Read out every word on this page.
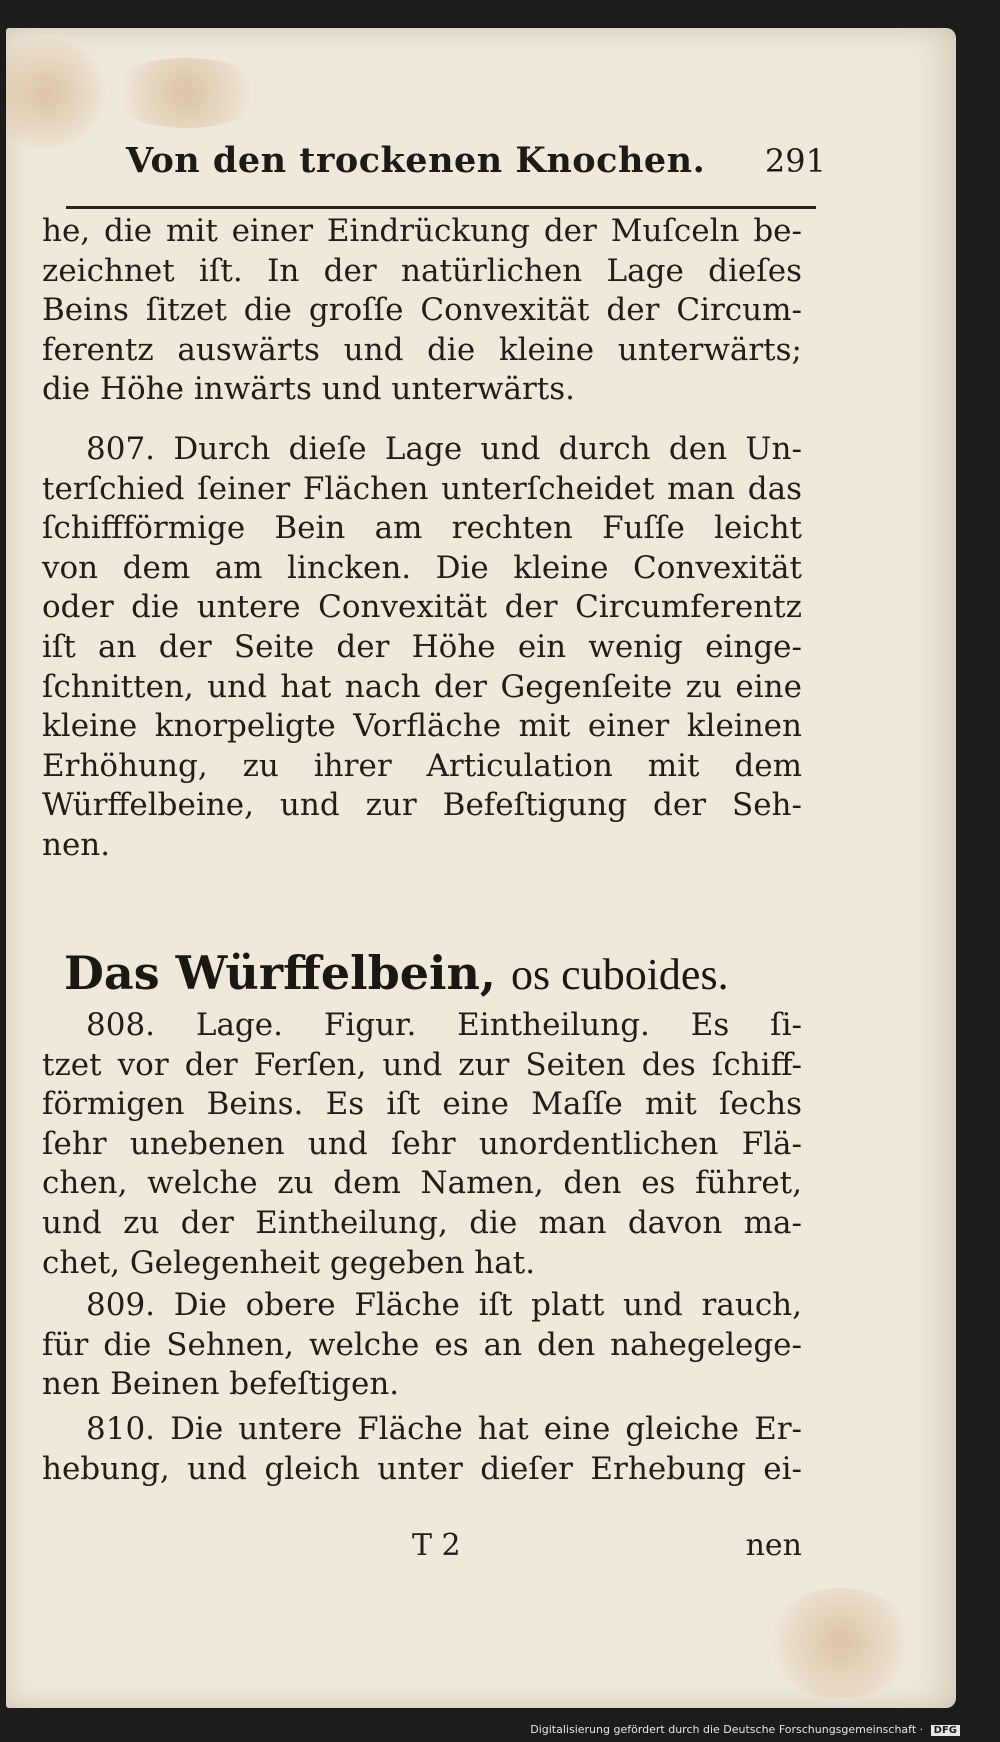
Von den trockenen Knochen. 291
he, die mit einer Eindrückung der Muſceln be-
zeichnet iſt. In der natürlichen Lage dieſes
Beins ſitzet die groſſe Convexität der Circum-
ferentz auswärts und die kleine unterwärts;
die Höhe inwärts und unterwärts.
807. Durch dieſe Lage und durch den Un-
terſchied ſeiner Flächen unterſcheidet man das
ſchiffförmige Bein am rechten Fuſſe leicht
von dem am lincken. Die kleine Convexität
oder die untere Convexität der Circumferentz
iſt an der Seite der Höhe ein wenig einge-
ſchnitten, und hat nach der Gegenſeite zu eine
kleine knorpeligte Vorfläche mit einer kleinen
Erhöhung, zu ihrer Articulation mit dem
Würffelbeine, und zur Befeſtigung der Seh-
nen.
Das Würffelbein, os cuboides.
808. Lage. Figur. Eintheilung. Es ſi-
tzet vor der Ferſen, und zur Seiten des ſchiff-
förmigen Beins. Es iſt eine Maſſe mit ſechs
ſehr unebenen und ſehr unordentlichen Flä-
chen, welche zu dem Namen, den es führet,
und zu der Eintheilung, die man davon ma-
chet, Gelegenheit gegeben hat.
809. Die obere Fläche iſt platt und rauch,
für die Sehnen, welche es an den nahegelege-
nen Beinen befeſtigen.
810. Die untere Fläche hat eine gleiche Er-
hebung, und gleich unter dieſer Erhebung ei-
T 2	nen
Digitalisierung gefördert durch die Deutsche Forschungsgemeinschaft · DFG
